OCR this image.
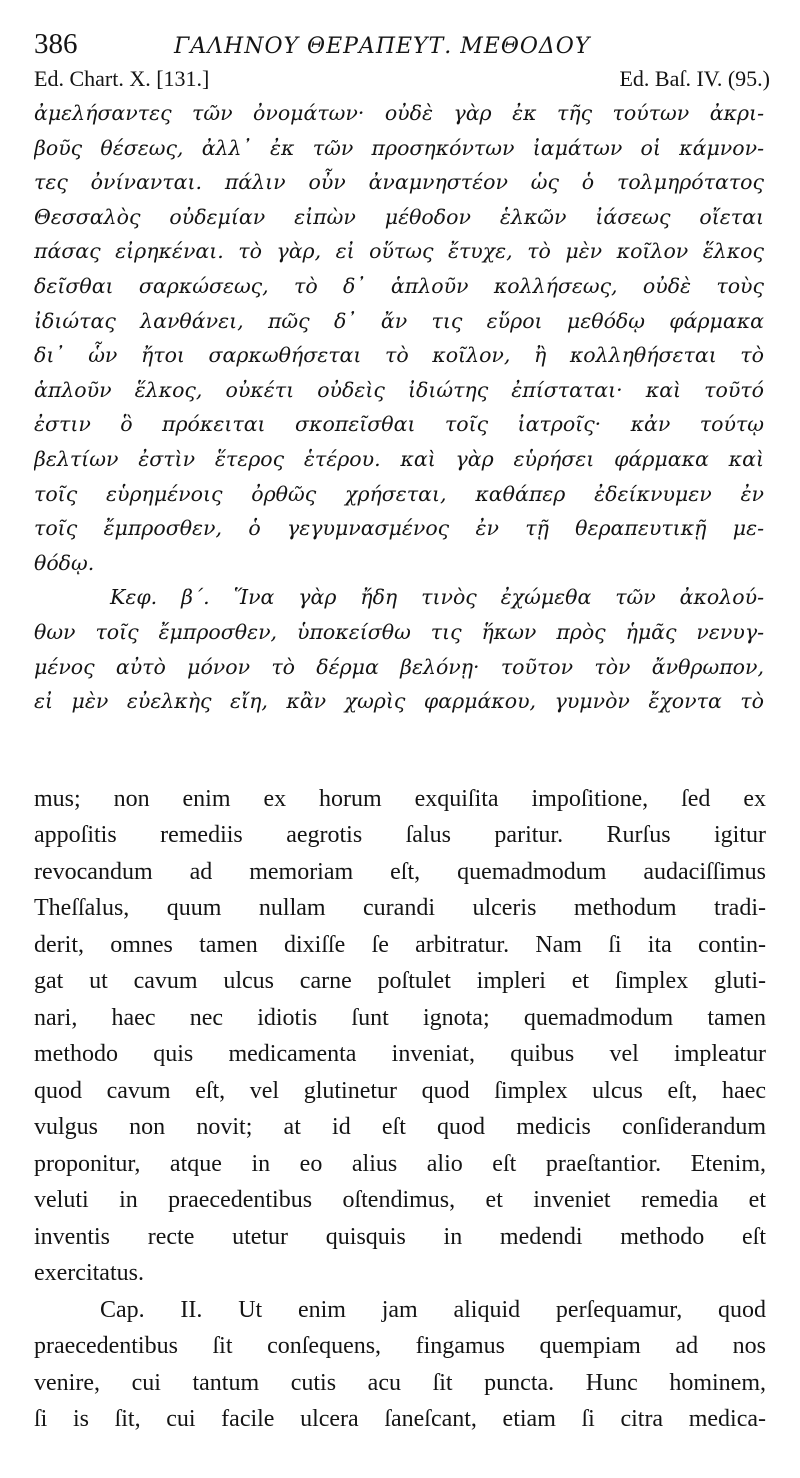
386	ΓΑΛΗΝΟΥ ΘΕΡΑΠΕΥΤ. ΜΕΘΟΔΟΥ
Ed. Chart. X. [131.]	Ed. Baſ. IV. (95.)
ἀμελήσαντες τῶν ὀνομάτων· οὐδὲ γὰρ ἐκ τῆς τούτων ἀκρι-
βοῦς θέσεως, ἀλλ᾽ ἐκ τῶν προσηκόντων ἰαμάτων οἱ κάμνον-
τες ὀνίνανται. πάλιν οὖν ἀναμνηστέον ὡς ὁ τολμηρότατος
Θεσσαλὸς οὐδεμίαν εἰπὼν μέθοδον ἑλκῶν ἰάσεως οἴεται
πάσας εἰρηκέναι. τὸ γὰρ, εἰ οὕτως ἔτυχε, τὸ μὲν κοῖλον ἕλκος
δεῖσθαι σαρκώσεως, τὸ δ᾽ ἁπλοῦν κολλήσεως, οὐδὲ τοὺς
ἰδιώτας λανθάνει, πῶς δ᾽ ἄν τις εὕροι μεθόδῳ φάρμακα
δι᾽ ὧν ἤτοι σαρκωθήσεται τὸ κοῖλον, ἢ κολληθήσεται τὸ
ἁπλοῦν ἕλκος, οὐκέτι οὐδεὶς ἰδιώτης ἐπίσταται· καὶ τοῦτό
ἐστιν ὃ πρόκειται σκοπεῖσθαι τοῖς ἰατροῖς· κἀν τούτῳ
βελτίων ἐστὶν ἕτερος ἑτέρου. καὶ γὰρ εὑρήσει φάρμακα καὶ
τοῖς εὑρημένοις ὀρθῶς χρήσεται, καθάπερ ἐδείκνυμεν ἐν
τοῖς ἔμπροσθεν, ὁ γεγυμνασμένος ἐν τῇ θεραπευτικῇ με-
θόδῳ.
Κεφ. β΄. Ἵνα γὰρ ἤδη τινὸς ἐχώμεθα τῶν ἀκολού-
θων τοῖς ἔμπροσθεν, ὑποκείσθω τις ἥκων πρὸς ἡμᾶς νενυγ-
μένος αὐτὸ μόνον τὸ δέρμα βελόνῃ· τοῦτον τὸν ἄνθρωπον,
εἰ μὲν εὐελκὴς εἴη, κἂν χωρὶς φαρμάκου, γυμνὸν ἔχοντα τὸ
mus; non enim ex horum exquiſita impoſitione, ſed ex
appoſitis remediis aegrotis ſalus paritur. Rurſus igitur
revocandum ad memoriam eſt, quemadmodum audaciſſimus
Theſſalus, quum nullam curandi ulceris methodum tradi-
derit, omnes tamen dixiſſe ſe arbitratur. Nam ſi ita contin-
gat ut cavum ulcus carne poſtulet impleri et ſimplex gluti-
nari, haec nec idiotis ſunt ignota; quemadmodum tamen
methodo quis medicamenta inveniat, quibus vel impleatur
quod cavum eſt, vel glutinetur quod ſimplex ulcus eſt, haec
vulgus non novit; at id eſt quod medicis conſiderandum
proponitur, atque in eo alius alio eſt praeſtantior. Etenim,
veluti in praecedentibus oſtendimus, et inveniet remedia et
inventis recte utetur quisquis in medendi methodo eſt
exercitatus.
Cap. II. Ut enim jam aliquid perſequamur, quod
praecedentibus ſit conſequens, fingamus quempiam ad nos
venire, cui tantum cutis acu ſit puncta. Hunc hominem,
ſi is ſit, cui facile ulcera ſaneſcant, etiam ſi citra medica-
